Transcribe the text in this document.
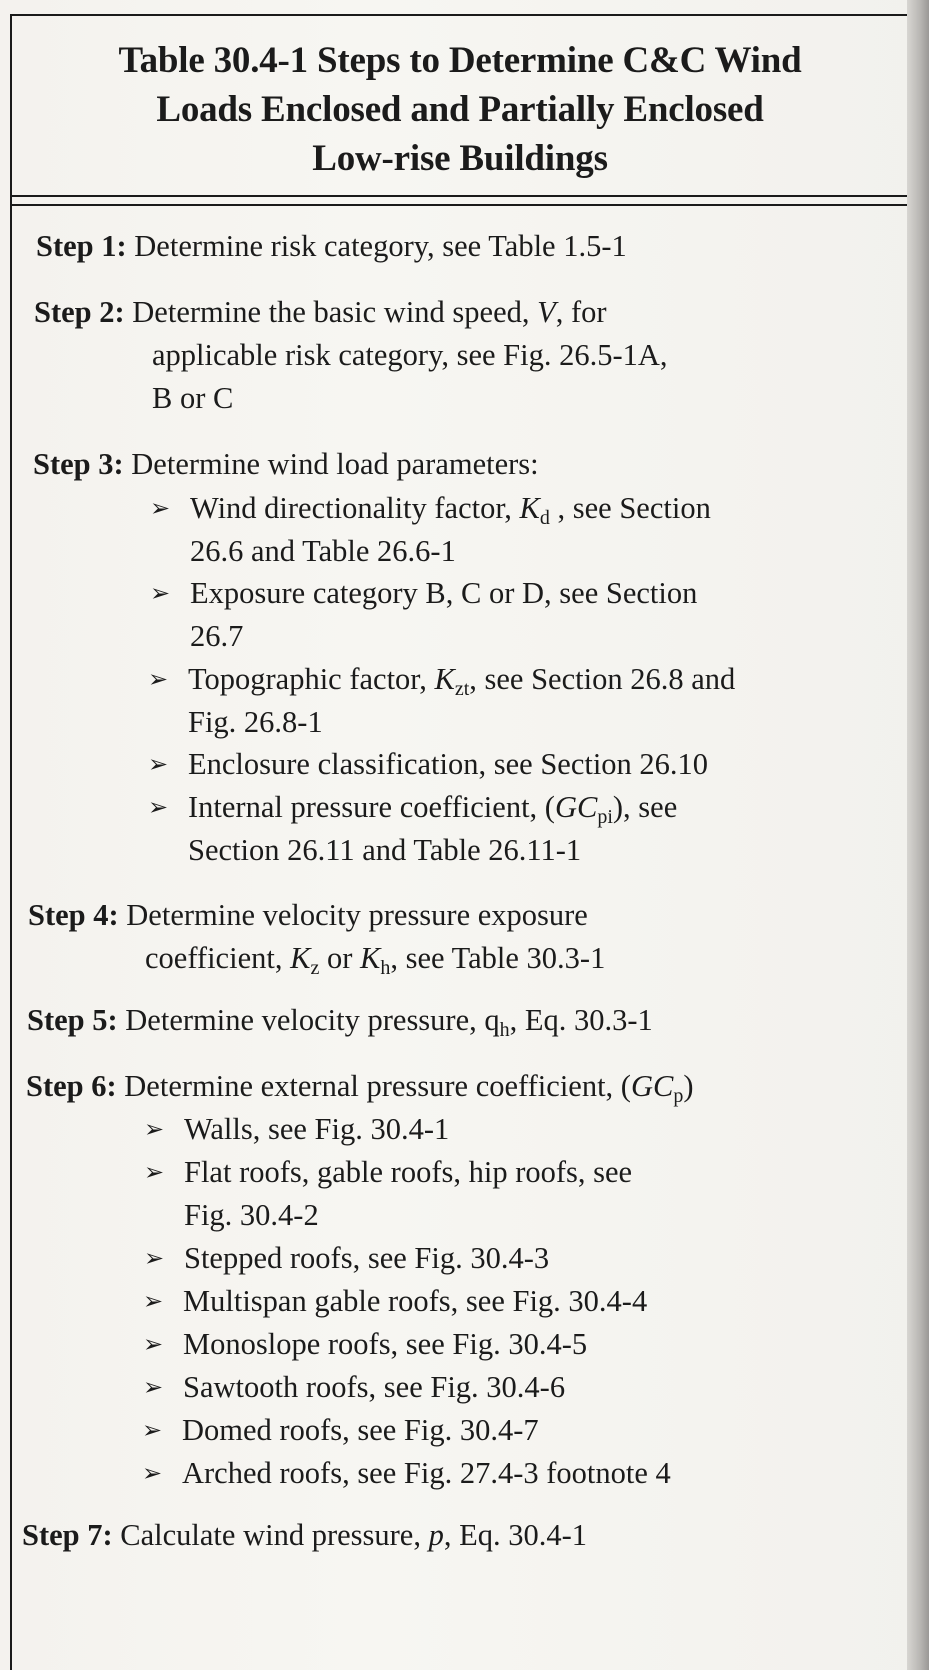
Table 30.4-1 Steps to Determine C&C Wind
Loads Enclosed and Partially Enclosed
Low-rise Buildings
Step 1: Determine risk category, see Table 1.5-1
Step 2: Determine the basic wind speed, V, for
applicable risk category, see Fig. 26.5-1A,
B or C
Step 3: Determine wind load parameters:
➢ Wind directionality factor, $K_d$ , see Section
26.6 and Table 26.6-1
➢ Exposure category B, C or D, see Section
26.7
➢ Topographic factor, $K_{zt}$, see Section 26.8 and
Fig. 26.8-1
➢ Enclosure classification, see Section 26.10
➢ Internal pressure coefficient, $(GC_{pi})$, see
Section 26.11 and Table 26.11-1
Step 4: Determine velocity pressure exposure
coefficient, $K_z$ or $K_h$, see Table 30.3-1
Step 5: Determine velocity pressure, $q_h$, Eq. 30.3-1
Step 6: Determine external pressure coefficient, $(GC_p)$
➢ Walls, see Fig. 30.4-1
➢ Flat roofs, gable roofs, hip roofs, see
Fig. 30.4-2
➢ Stepped roofs, see Fig. 30.4-3
➢ Multispan gable roofs, see Fig. 30.4-4
➢ Monoslope roofs, see Fig. 30.4-5
➢ Sawtooth roofs, see Fig. 30.4-6
➢ Domed roofs, see Fig. 30.4-7
➢ Arched roofs, see Fig. 27.4-3 footnote 4
Step 7: Calculate wind pressure, p, Eq. 30.4-1
